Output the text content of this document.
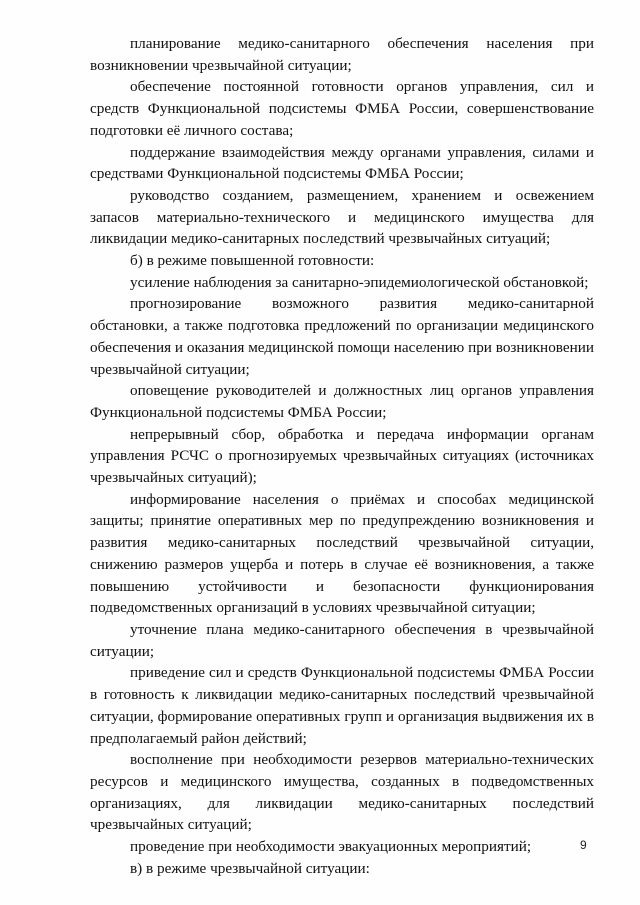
планирование медико-санитарного обеспечения населения при возникновении чрезвычайной ситуации;

обеспечение постоянной готовности органов управления, сил и средств Функциональной подсистемы ФМБА России, совершенствование подготовки её личного состава;

поддержание взаимодействия между органами управления, силами и средствами Функциональной подсистемы ФМБА России;

руководство созданием, размещением, хранением и освежением запасов материально-технического и медицинского имущества для ликвидации медико-санитарных последствий чрезвычайных ситуаций;

б) в режиме повышенной готовности:

усиление наблюдения за санитарно-эпидемиологической обстановкой;

прогнозирование возможного развития медико-санитарной обстановки, а также подготовка предложений по организации медицинского обеспечения и оказания медицинской помощи населению при возникновении чрезвычайной ситуации;

оповещение руководителей и должностных лиц органов управления Функциональной подсистемы ФМБА России;

непрерывный сбор, обработка и передача информации органам управления РСЧС о прогнозируемых чрезвычайных ситуациях (источниках чрезвычайных ситуаций);

информирование населения о приёмах и способах медицинской защиты; принятие оперативных мер по предупреждению возникновения и развития медико-санитарных последствий чрезвычайной ситуации, снижению размеров ущерба и потерь в случае её возникновения, а также повышению устойчивости и безопасности функционирования подведомственных организаций в условиях чрезвычайной ситуации;

уточнение плана медико-санитарного обеспечения в чрезвычайной ситуации;

приведение сил и средств Функциональной подсистемы ФМБА России в готовность к ликвидации медико-санитарных последствий чрезвычайной ситуации, формирование оперативных групп и организация выдвижения их в предполагаемый район действий;

восполнение при необходимости резервов материально-технических ресурсов и медицинского имущества, созданных в подведомственных организациях, для ликвидации медико-санитарных последствий чрезвычайных ситуаций;

проведение при необходимости эвакуационных мероприятий;

в) в режиме чрезвычайной ситуации:

9
